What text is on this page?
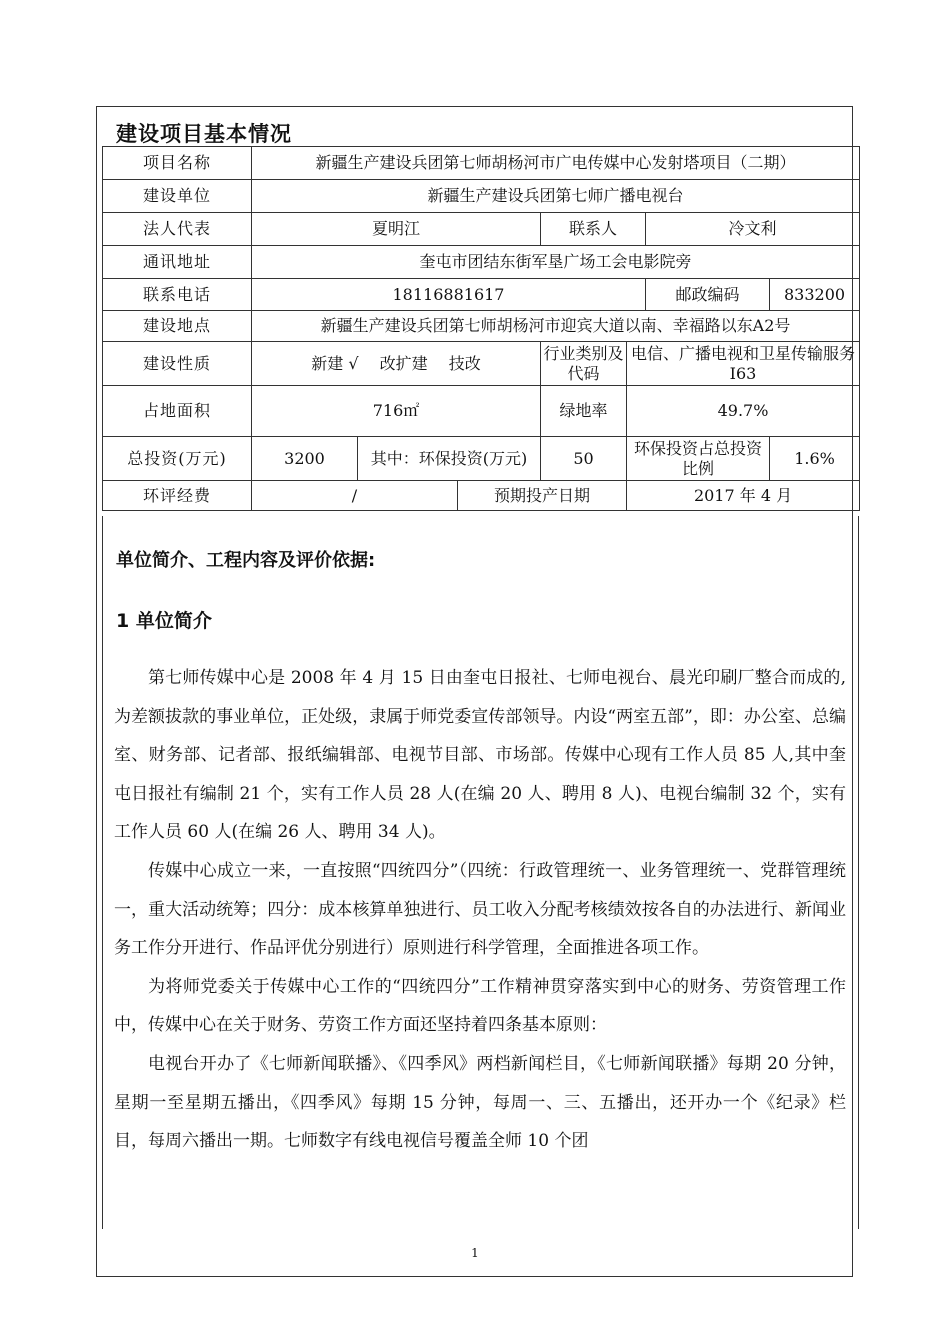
建设项目基本情况
项目名称	新疆生产建设兵团第七师胡杨河市广电传媒中心发射塔项目（二期）						
建设单位	新疆生产建设兵团第七师广播电视台						
法人代表	夏明江			联系人		冷文利	
通讯地址	奎屯市团结东街军垦广场工会电影院旁						
联系电话	18116881617					邮政编码	833200
建设地点	新疆生产建设兵团第七师胡杨河市迎宾大道以南、幸福路以东A2号						
建设性质	新建 √　 改扩建　 技改			行业类别及代码	电信、广播电视和卫星传输服务 I63		
占地面积	716㎡			绿地率	49.7%		
总投资(万元)	3200	其中：环保投资(万元)		50	环保投资占总投资比例		1.6%
环评经费	/		预期投产日期		2017 年 4 月		
单位简介、工程内容及评价依据:
1 单位简介

第七师传媒中心是 2008 年 4 月 15 日由奎屯日报社、七师电视台、晨光印刷厂整合而成的,为差额拔款的事业单位，正处级，隶属于师党委宣传部领导。内设“两室五部”，即：办公室、总编室、财务部、记者部、报纸编辑部、电视节目部、市场部。传媒中心现有工作人员 85 人,其中奎屯日报社有编制 21 个，实有工作人员 28 人(在编 20 人、聘用 8 人)、电视台编制 32 个，实有工作人员 60 人(在编 26 人、聘用 34 人)。

传媒中心成立一来，一直按照“四统四分”（四统：行政管理统一、业务管理统一、党群管理统一，重大活动统筹；四分：成本核算单独进行、员工收入分配考核绩效按各自的办法进行、新闻业务工作分开进行、作品评优分别进行）原则进行科学管理，全面推进各项工作。

为将师党委关于传媒中心工作的“四统四分”工作精神贯穿落实到中心的财务、劳资管理工作中，传媒中心在关于财务、劳资工作方面还坚持着四条基本原则：

电视台开办了《七师新闻联播》、《四季风》两档新闻栏目，《七师新闻联播》每期 20 分钟，星期一至星期五播出，《四季风》每期 15 分钟，每周一、三、五播出，还开办一个《纪录》栏目，每周六播出一期。七师数字有线电视信号覆盖全师 10 个团

1
